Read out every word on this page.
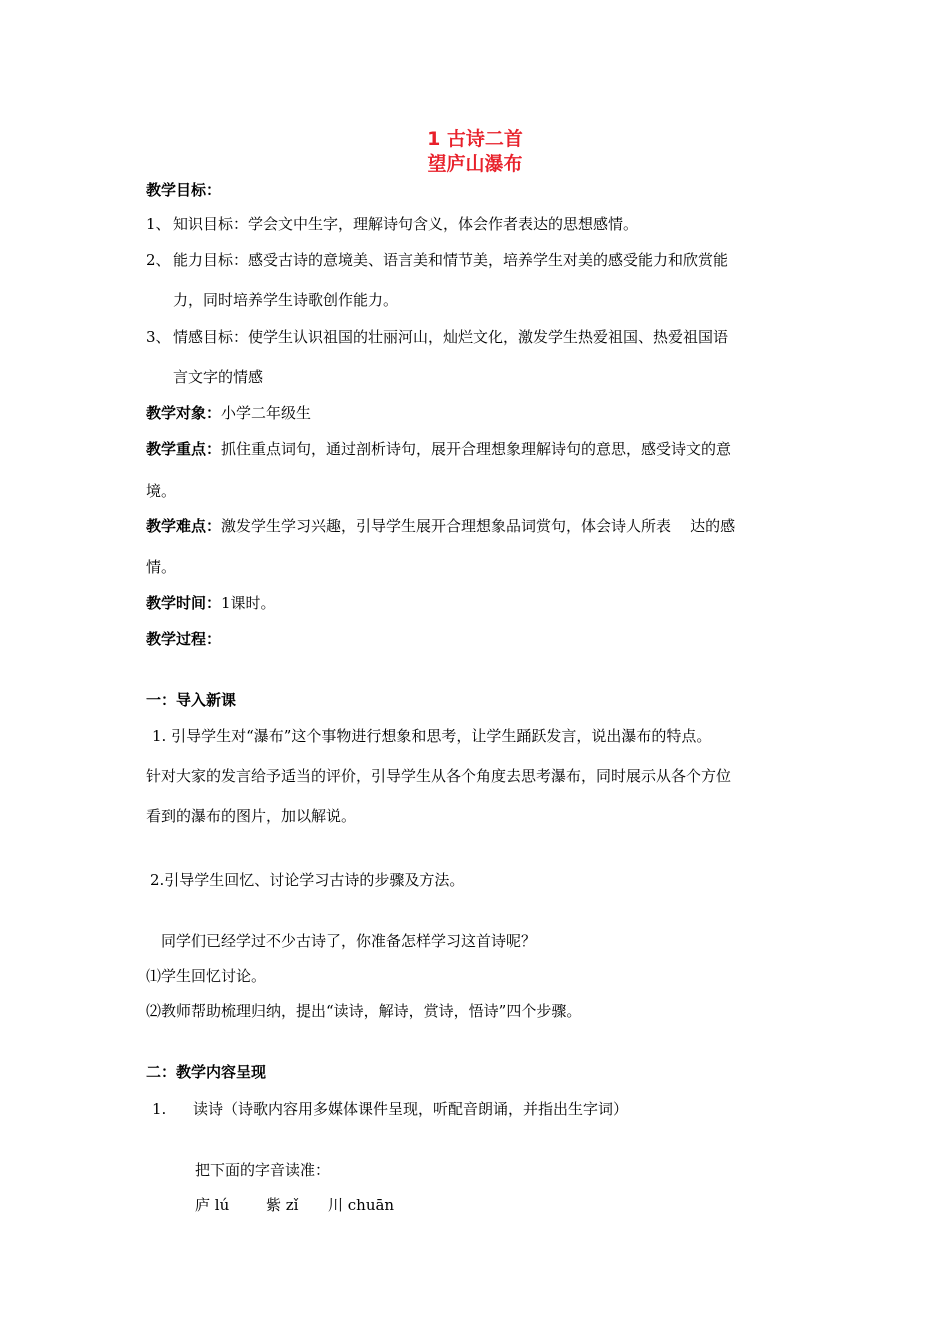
1 古诗二首
望庐山瀑布
教学目标：
1、 知识目标：学会文中生字，理解诗句含义，体会作者表达的思想感情。
2、 能力目标：感受古诗的意境美、语言美和情节美，培养学生对美的感受能力和欣赏能
力，同时培养学生诗歌创作能力。
3、 情感目标：使学生认识祖国的壮丽河山，灿烂文化，激发学生热爱祖国、热爱祖国语
言文字的情感
教学对象：小学二年级生
教学重点：抓住重点词句，通过剖析诗句，展开合理想象理解诗句的意思，感受诗文的意
境。
教学难点：激发学生学习兴趣，引导学生展开合理想象品词赏句，体会诗人所表    达的感
情。
教学时间：1课时。
教学过程：
一：导入新课
1. 引导学生对“瀑布”这个事物进行想象和思考，让学生踊跃发言，说出瀑布的特点。
针对大家的发言给予适当的评价，引导学生从各个角度去思考瀑布，同时展示从各个方位
看到的瀑布的图片，加以解说。
2.引导学生回忆、讨论学习古诗的步骤及方法。
同学们已经学过不少古诗了，你准备怎样学习这首诗呢？
⑴学生回忆讨论。
⑵教师帮助梳理归纳，提出“读诗，解诗，赏诗，悟诗”四个步骤。
二：教学内容呈现
1. 读诗（诗歌内容用多媒体课件呈现，听配音朗诵，并指出生字词）
把下面的字音读准：
庐 lú 紫 zǐ 川 chuān
